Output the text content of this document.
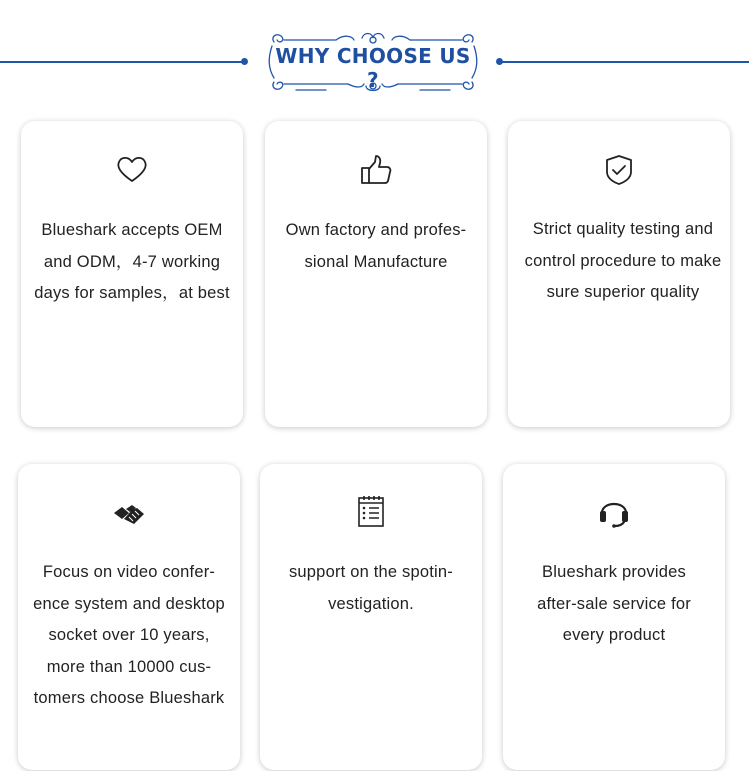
WHY CHOOSE US ?
Blueshark accepts OEM and ODM，4-7 working days for samples，at best
Own factory and profes-sional Manufacture
Strict quality testing and control procedure to make sure superior quality
Focus on video confer-ence system and desktop socket over 10 years, more than 10000 cus-tomers choose Blueshark
support on the spotin-vestigation.
Blueshark provides after-sale service for every product
